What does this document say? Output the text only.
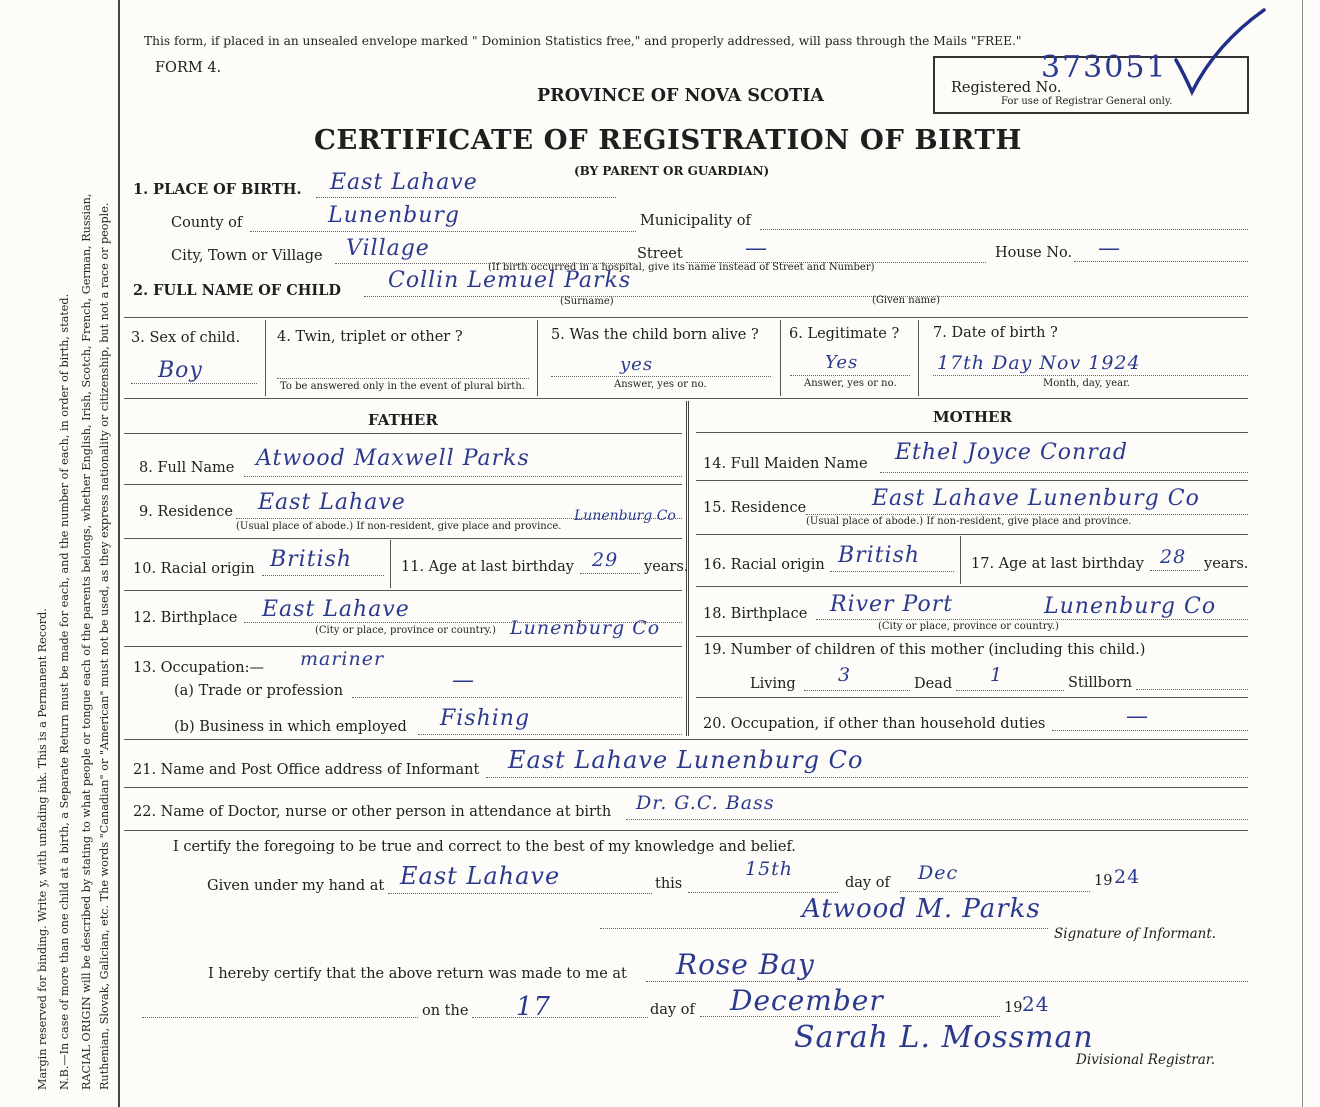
Margin reserved for binding. Write y, with unfading ink. This is a Permanent Record. N.B.—In case of more than one child at a birth, a Separate Return must be made for each, and the number of each, in order of birth, stated. RACIAL ORIGIN will be described by stating to what people or tongue each of the parents belongs, whether English, Irish, Scotch, French, German, Russian, Ruthenian, Slovak, Galician, etc. The words "Canadian" or "American" must not be used, as they express nationality or citizenship, but not a race or people.
This form, if placed in an unsealed envelope marked " Dominion Statistics free," and properly addressed, will pass through the Mails "FREE."
FORM 4.
PROVINCE OF NOVA SCOTIA
CERTIFICATE OF REGISTRATION OF BIRTH
(BY PARENT OR GUARDIAN)
Registered No.
373051
For use of Registrar General only.
1. PLACE OF BIRTH. East Lahave
County of	Lunenburg	Municipality of
City, Town or Village Village	Street	—	House No. —
(If birth occurred in a hospital, give its name instead of Street and Number)
2. FULL NAME OF CHILD Collin Lemuel Parks
(Surname)	(Given name)
3. Sex of child.
Boy
4. Twin, triplet or other ?
To be answered only in the event of plural birth.
5. Was the child born alive ?
yes
Answer, yes or no.
6. Legitimate ?
Yes
Answer, yes or no.
7. Date of birth ?
17th Day Nov 1924
Month, day, year.
FATHER
8. Full Name Atwood Maxwell Parks
9. Residence East Lahave
Lunenburg Co
(Usual place of abode.) If non-resident, give place and province.
10. Racial origin British	11. Age at last birthday 29 years.
12. Birthplace East Lahave
Lunenburg Co
(City or place, province or country.)
13. Occupation:— mariner
(a) Trade or profession	—
(b) Business in which employed Fishing
MOTHER
14. Full Maiden Name Ethel Joyce Conrad
15. Residence	East Lahave Lunenburg Co
(Usual place of abode.) If non-resident, give place and province.
16. Racial origin British	17. Age at last birthday 28 years.
18. Birthplace River Port	Lunenburg Co
(City or place, province or country.)
19. Number of children of this mother (including this child.)
Living 3	Dead 1	Stillborn
20. Occupation, if other than household duties	—
21. Name and Post Office address of Informant East Lahave Lunenburg Co
22. Name of Doctor, nurse or other person in attendance at birth Dr. G.C. Bass
I certify the foregoing to be true and correct to the best of my knowledge and belief.
Given under my hand at East Lahave	this
15th
day of Dec	19 24
Atwood M. Parks
Signature of Informant.
I hereby certify that the above return was made to me at Rose Bay
on the 17	day of December	19 24
Sarah L. Mossman
Divisional Registrar.
